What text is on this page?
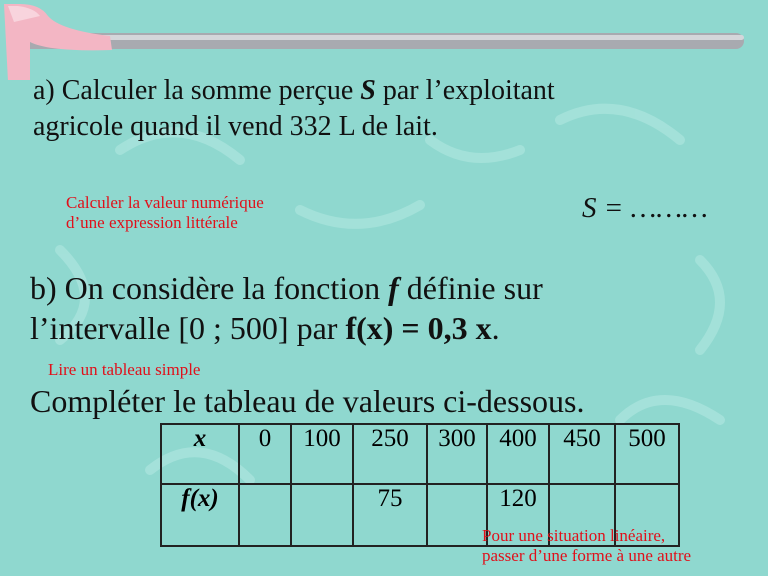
a) Calculer la somme perçue S par l’exploitant
agricole quand il vend 332 L de lait.
Calculer la valeur numérique
d’une expression littérale	S = ………
b) On considère la fonction f définie sur
l’intervalle [0 ; 500] par f(x) = 0,3 x.
Lire un tableau simple
Compléter le tableau de valeurs ci-dessous.
x	0	100	250	300	400	450	500
f(x)			75		120		
Pour une situation linéaire,
passer d’une forme à une autre
